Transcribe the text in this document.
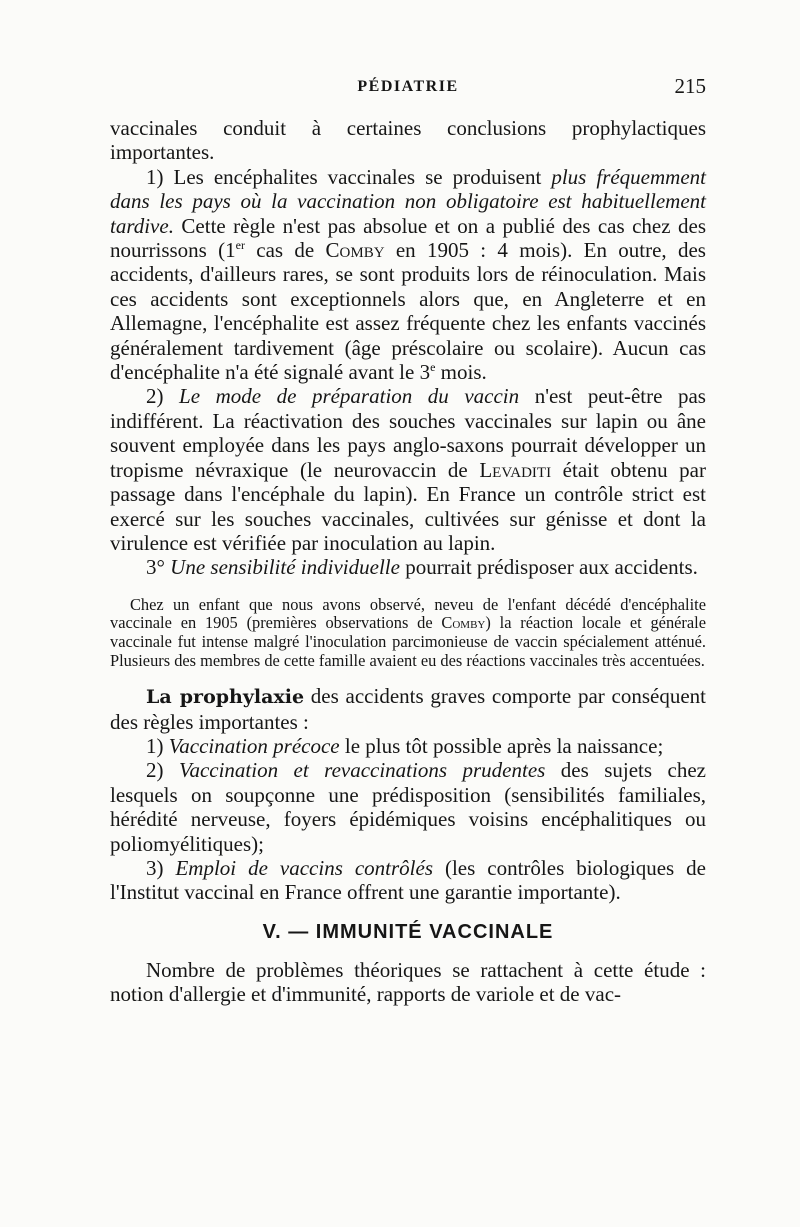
PÉDIATRIE	215

vaccinales conduit à certaines conclusions prophylactiques importantes.

1) Les encéphalites vaccinales se produisent plus fréquemment dans les pays où la vaccination non obligatoire est habituellement tardive. Cette règle n'est pas absolue et on a publié des cas chez des nourrissons (1er cas de Comby en 1905 : 4 mois). En outre, des accidents, d'ailleurs rares, se sont produits lors de réinoculation. Mais ces accidents sont exceptionnels alors que, en Angleterre et en Allemagne, l'encéphalite est assez fréquente chez les enfants vaccinés généralement tardivement (âge préscolaire ou scolaire). Aucun cas d'encéphalite n'a été signalé avant le 3e mois.

2) Le mode de préparation du vaccin n'est peut-être pas indifférent. La réactivation des souches vaccinales sur lapin ou âne souvent employée dans les pays anglo-saxons pourrait développer un tropisme névraxique (le neurovaccin de Levaditi était obtenu par passage dans l'encéphale du lapin). En France un contrôle strict est exercé sur les souches vaccinales, cultivées sur génisse et dont la virulence est vérifiée par inoculation au lapin.

3° Une sensibilité individuelle pourrait prédisposer aux accidents.

Chez un enfant que nous avons observé, neveu de l'enfant décédé d'encéphalite vaccinale en 1905 (premières observations de Comby) la réaction locale et générale vaccinale fut intense malgré l'inoculation parcimonieuse de vaccin spécialement atténué. Plusieurs des membres de cette famille avaient eu des réactions vaccinales très accentuées.

La prophylaxie des accidents graves comporte par conséquent des règles importantes :

1) Vaccination précoce le plus tôt possible après la naissance;

2) Vaccination et revaccinations prudentes des sujets chez lesquels on soupçonne une prédisposition (sensibilités familiales, hérédité nerveuse, foyers épidémiques voisins encéphalitiques ou poliomyélitiques);

3) Emploi de vaccins contrôlés (les contrôles biologiques de l'Institut vaccinal en France offrent une garantie importante).

V. — IMMUNITÉ VACCINALE

Nombre de problèmes théoriques se rattachent à cette étude : notion d'allergie et d'immunité, rapports de variole et de vac-
